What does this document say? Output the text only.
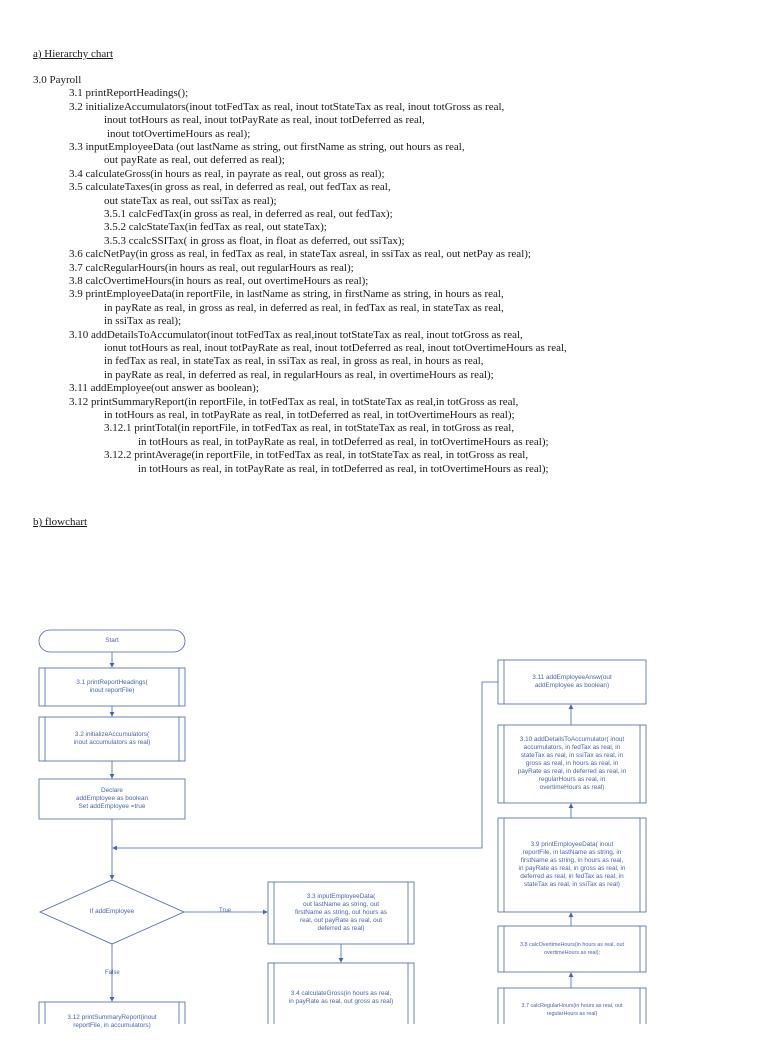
a) Hierarchy chart
3.0 Payroll
3.1 printReportHeadings();
3.2 initializeAccumulators(inout totFedTax as real, inout totStateTax as real, inout totGross as real,
inout totHours as real, inout totPayRate as real, inout totDeferred as real,
inout totOvertimeHours as real);
3.3 inputEmployeeData (out lastName as string, out firstName as string, out hours as real,
out payRate as real, out deferred as real);
3.4 calculateGross(in hours as real, in payrate as real, out gross as real);
3.5 calculateTaxes(in gross as real, in deferred as real, out fedTax as real,
out stateTax as real, out ssiTax as real);
3.5.1 calcFedTax(in gross as real, in deferred as real, out fedTax);
3.5.2 calcStateTax(in fedTax as real, out stateTax);
3.5.3 ccalcSSITax( in gross as float, in float as deferred, out ssiTax);
3.6 calcNetPay(in gross as real, in fedTax as real, in stateTax asreal, in ssiTax as real, out netPay as real);
3.7 calcRegularHours(in hours as real, out regularHours as real);
3.8 calcOvertimeHours(in hours as real, out overtimeHours as real);
3.9 printEmployeeData(in reportFile, in lastName as string, in firstName as string, in hours as real,
in payRate as real, in gross as real, in deferred as real, in fedTax as real, in stateTax as real,
in ssiTax as real);
3.10 addDetailsToAccumulator(inout totFedTax as real,inout totStateTax as real, inout totGross as real,
ionut totHours as real, inout totPayRate as real, inout totDeferred as real, inout totOvertimeHours as real,
in fedTax as real, in stateTax as real, in ssiTax as real, in gross as real, in hours as real,
in payRate as real, in deferred as real, in regularHours as real, in overtimeHours as real);
3.11 addEmployee(out answer as boolean);
3.12 printSummaryReport(in reportFile, in totFedTax as real, in totStateTax as real,in totGross as real,
in totHours as real, in totPayRate as real, in totDeferred as real, in totOvertimeHours as real);
3.12.1 printTotal(in reportFile, in totFedTax as real, in totStateTax as real, in totGross as real,
in totHours as real, in totPayRate as real, in totDeferred as real, in totOvertimeHours as real);
3.12.2 printAverage(in reportFile, in totFedTax as real, in totStateTax as real, in totGross as real,
in totHours as real, in totPayRate as real, in totDeferred as real, in totOvertimeHours as real);
b) flowchart
Start
3.1 printReportHeadings(
inout reportFile)
3.2 initializeAccumulators(
inout accumulators as real)
Declare
addEmployee as boolean
Set addEmployee =true
If addEmployee
3.12 printSummaryReport(inout
reportFile, in accumulators)
3.3 inputEmployeeData(
out lastName as string, out
firstName as string, out hours as
real, out payRate as real, out
deferred as real)
3.4 calculateGross(in hours as real,
in payRate as real, out gross as real)
3.11 addEmployeeAnsw(out
addEmployee as boolean)
3.10 addDetailsToAccumulator( inout
accumulators, in fedTax as real, in
stateTax as real, in ssiTax as real, in
gross as real, in hours as real, in
payRate as real, in deferred as real, in
regularHours as real, in
overtimeHours as real)
3.9 printEmployeeData( inout
reportFile, in lastName as string, in
firstName as string, in hours as real,
in payRate as real, in gross as real, in
deferred as real, in fedTax as real, in
stateTax as real, in ssiTax as real)
3.8 calcOvertimeHours(in hours as real, out
overtimeHours as real);
3.7 calcRegularHours(in hours as real, out
regularHours as real)
True
False
